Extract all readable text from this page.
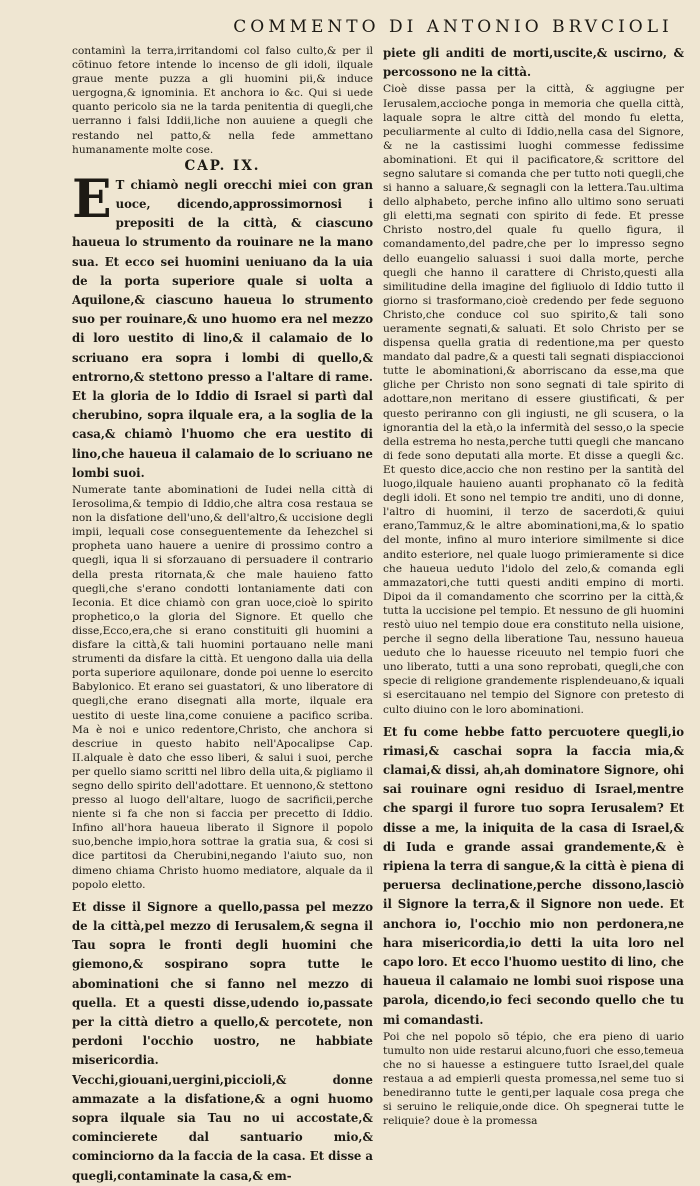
COMMENTO DI ANTONIO BRVCIOLI

contaminì la terra,irritandomi col falso culto,& per il cõtinuo fetore intende lo incenso de gli idoli, ilquale graue mente puzza a gli huomini pii,& induce uergogna,& ignominia. Et anchora io &c. Qui si uede quanto pericolo sia ne la tarda penitentia di quegli,che uerranno i falsi Iddii,liche non auuiene a quegli che restando nel patto,& nella fede ammettano humanamente molte cose.

CAP. IX.

E T chiamò negli orecchi miei con gran uoce, dicendo,approssimornosi i prepositi de la città, & ciascuno haueua lo strumento da rouinare ne la mano sua. Et ecco sei huomini ueniuano da la uia de la porta superiore quale si uolta a Aquilone,& ciascuno haueua lo strumento suo per rouinare,& uno huomo era nel mezzo di loro uestito di lino,& il calamaio de lo scriuano era sopra i lombi di quello,& entrorno,& stettono presso a l'altare di rame. Et la gloria de lo Iddio di Israel si partì dal cherubino, sopra ilquale era, a la soglia de la casa,& chiamò l'huomo che era uestito di lino,che haueua il calamaio de lo scriuano ne lombi suoi.

Numerate tante abominationi de Iudei nella città di Ierosolima,& tempio di Iddio,che altra cosa restaua se non la disfatione dell'uno,& dell'altro,& uccisione degli impii, lequali cose conseguentemente da Iehezchel si propheta uano hauere a uenire di prossimo contro a quegli, iqua li si sforzauano di persuadere il contrario della presta ritornata,& che male hauieno fatto quegli,che s'erano condotti lontaniamente dati con Ieconia. Et dice chiamò con gran uoce,cioè lo spirito prophetico,o la gloria del Signore. Et quello che disse,Ecco,era,che si erano constituiti gli huomini a disfare la città,& tali huomini portauano nelle mani strumenti da disfare la città. Et uengono dalla uia della porta superiore aquilonare, donde poi uenne lo esercito Babylonico. Et erano sei guastatori, & uno liberatore di quegli,che erano disegnati alla morte, ilquale era uestito di ueste lina,come conuiene a pacifico scriba. Ma è noi e unico redentore,Christo, che anchora si descriue in questo habito nell'Apocalipse Cap. II.alquale è dato che esso liberi, & salui i suoi, perche per quello siamo scritti nel libro della uita,& pigliamo il segno dello spirito dell'adottare. Et uennono,& stettono presso al luogo dell'altare, luogo de sacrificii,perche niente si fa che non si faccia per precetto di Iddio. Infino all'hora haueua liberato il Signore il popolo suo,benche impio,hora sottrae la gratia sua, & cosi si dice partitosi da Cherubini,negando l'aiuto suo, non dimeno chiama Christo huomo mediatore, alquale da il popolo eletto.

Et disse il Signore a quello,passa pel mezzo de la città,pel mezzo di Ierusalem,& segna il Tau sopra le fronti degli huomini che giemono,& sospirano sopra tutte le abominationi che si fanno nel mezzo di quella. Et a questi disse,udendo io,passate per la città dietro a quello,& percotete, non perdoni l'occhio uostro, ne habbiate misericordia. Vecchi,giouani,uergini,piccioli,& donne ammazate a la disfatione,& a ogni huomo sopra ilquale sia Tau no ui accostate,& comincierete dal santuario mio,& cominciorno da la faccia de la casa. Et disse a quegli,contaminate la casa,& em-

piete gli anditi de morti,uscite,& uscirno, & percossono ne la città.

Cioè disse passa per la città, & aggiugne per Ierusalem,accioche ponga in memoria che quella città, laquale sopra le altre città del mondo fu eletta, peculiarmente al culto di Iddio,nella casa del Signore, & ne la castissimi luoghi commesse fedissime abominationi. Et qui il pacificatore,& scrittore del segno salutare si comanda che per tutto noti quegli,che si hanno a saluare,& segnagli con la lettera.Tau.ultima dello alphabeto, perche infino allo ultimo sono seruati gli eletti,ma segnati con spirito di fede. Et presse Christo nostro,del quale fu quello figura, il comandamento,del padre,che per lo impresso segno dello euangelio saluassi i suoi dalla morte, perche quegli che hanno il carattere di Christo,questi alla similitudine della imagine del figliuolo di Iddio tutto il giorno si trasformano,cioè credendo per fede seguono Christo,che conduce col suo spirito,& tali sono ueramente segnati,& saluati. Et solo Christo per se dispensa quella gratia di redentione,ma per questo mandato dal padre,& a questi tali segnati dispiaccionoi tutte le abominationi,& aborriscano da esse,ma que gliche per Christo non sono segnati di tale spirito di adottare,non meritano di essere giustificati, & per questo periranno con gli ingiusti, ne gli scusera, o la ignorantia del la età,o la infermità del sesso,o la specie della estrema ho nesta,perche tutti quegli che mancano di fede sono deputati alla morte. Et disse a quegli &c. Et questo dice,accio che non restino per la santità del luogo,ilquale hauieno auanti prophanato cõ la fedità degli idoli. Et sono nel tempio tre anditi, uno di donne, l'altro di huomini, il terzo de sacerdoti,& quiui erano,Tammuz,& le altre abominationi,ma,& lo spatio del monte, infino al muro interiore similmente si dice andito esteriore, nel quale luogo primieramente si dice che haueua ueduto l'idolo del zelo,& comanda egli ammazatori,che tutti questi anditi empino di morti. Dipoi da il comandamento che scorrino per la città,& tutta la uccisione pel tempio. Et nessuno de gli huomini restò uiuo nel tempio doue era constituto nella uisione, perche il segno della liberatione Tau, nessuno haueua ueduto che lo hauesse riceuuto nel tempio fuori che uno liberato, tutti a una sono reprobati, quegli,che con specie di religione grandemente risplendeuano,& iquali si esercitauano nel tempio del Signore con pretesto di culto diuino con le loro abominationi.

Et fu come hebbe fatto percuotere quegli,io rimasi,& caschai sopra la faccia mia,& clamai,& dissi, ah,ah dominatore Signore, ohi sai rouinare ogni residuo di Israel,mentre che spargi il furore tuo sopra Ierusalem? Et disse a me, la iniquita de la casa di Israel,& di Iuda e grande assai grandemente,& è ripiena la terra di sangue,& la città è piena di peruersa declinatione,perche dissono,lasciò il Signore la terra,& il Signore non uede. Et anchora io, l'occhio mio non perdonera,ne hara misericordia,io detti la uita loro nel capo loro. Et ecco l'huomo uestito di lino, che haueua il calamaio ne lombi suoi rispose una parola, dicendo,io feci secondo quello che tu mi comandasti.

Poi che nel popolo sõ tépio, che era pieno di uario tumulto non uide restarui alcuno,fuori che esso,temeua che no si hauesse a estinguere tutto Israel,del quale restaua a ad empierli questa promessa,nel seme tuo si benediranno tutte le genti,per laquale cosa prega che si seruino le reliquie,onde dice. Oh spegnerai tutte le reliquie? doue è la promessa
